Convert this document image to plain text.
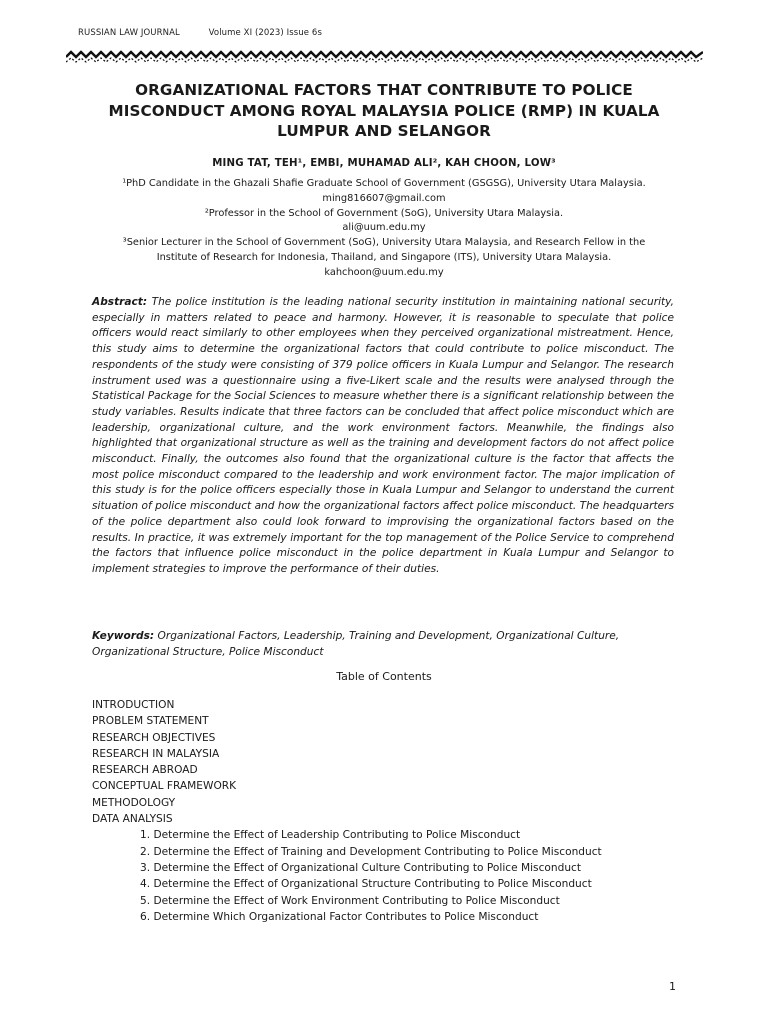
RUSSIAN LAW JOURNAL	Volume XI (2023) Issue 6s
ORGANIZATIONAL FACTORS THAT CONTRIBUTE TO POLICE MISCONDUCT AMONG ROYAL MALAYSIA POLICE (RMP) IN KUALA LUMPUR AND SELANGOR
MING TAT, TEH¹, EMBI, MUHAMAD ALI², KAH CHOON, LOW³
¹PhD Candidate in the Ghazali Shafie Graduate School of Government (GSGSG), University Utara Malaysia.
ming816607@gmail.com
²Professor in the School of Government (SoG), University Utara Malaysia.
ali@uum.edu.my
³Senior Lecturer in the School of Government (SoG), University Utara Malaysia, and Research Fellow in the
Institute of Research for Indonesia, Thailand, and Singapore (ITS), University Utara Malaysia.
kahchoon@uum.edu.my
Abstract: The police institution is the leading national security institution in maintaining national security, especially in matters related to peace and harmony. However, it is reasonable to speculate that police officers would react similarly to other employees when they perceived organizational mistreatment. Hence, this study aims to determine the organizational factors that could contribute to police misconduct. The respondents of the study were consisting of 379 police officers in Kuala Lumpur and Selangor. The research instrument used was a questionnaire using a five-Likert scale and the results were analysed through the Statistical Package for the Social Sciences to measure whether there is a significant relationship between the study variables. Results indicate that three factors can be concluded that affect police misconduct which are leadership, organizational culture, and the work environment factors. Meanwhile, the findings also highlighted that organizational structure as well as the training and development factors do not affect police misconduct. Finally, the outcomes also found that the organizational culture is the factor that affects the most police misconduct compared to the leadership and work environment factor. The major implication of this study is for the police officers especially those in Kuala Lumpur and Selangor to understand the current situation of police misconduct and how the organizational factors affect police misconduct. The headquarters of the police department also could look forward to improvising the organizational factors based on the results. In practice, it was extremely important for the top management of the Police Service to comprehend the factors that influence police misconduct in the police department in Kuala Lumpur and Selangor to implement strategies to improve the performance of their duties.
Keywords: Organizational Factors, Leadership, Training and Development, Organizational Culture, Organizational Structure, Police Misconduct
Table of Contents
INTRODUCTION
PROBLEM STATEMENT
RESEARCH OBJECTIVES
RESEARCH IN MALAYSIA
RESEARCH ABROAD
CONCEPTUAL FRAMEWORK
METHODOLOGY
DATA ANALYSIS
1. Determine the Effect of Leadership Contributing to Police Misconduct
2. Determine the Effect of Training and Development Contributing to Police Misconduct
3. Determine the Effect of Organizational Culture Contributing to Police Misconduct
4. Determine the Effect of Organizational Structure Contributing to Police Misconduct
5. Determine the Effect of Work Environment Contributing to Police Misconduct
6. Determine Which Organizational Factor Contributes to Police Misconduct
1
